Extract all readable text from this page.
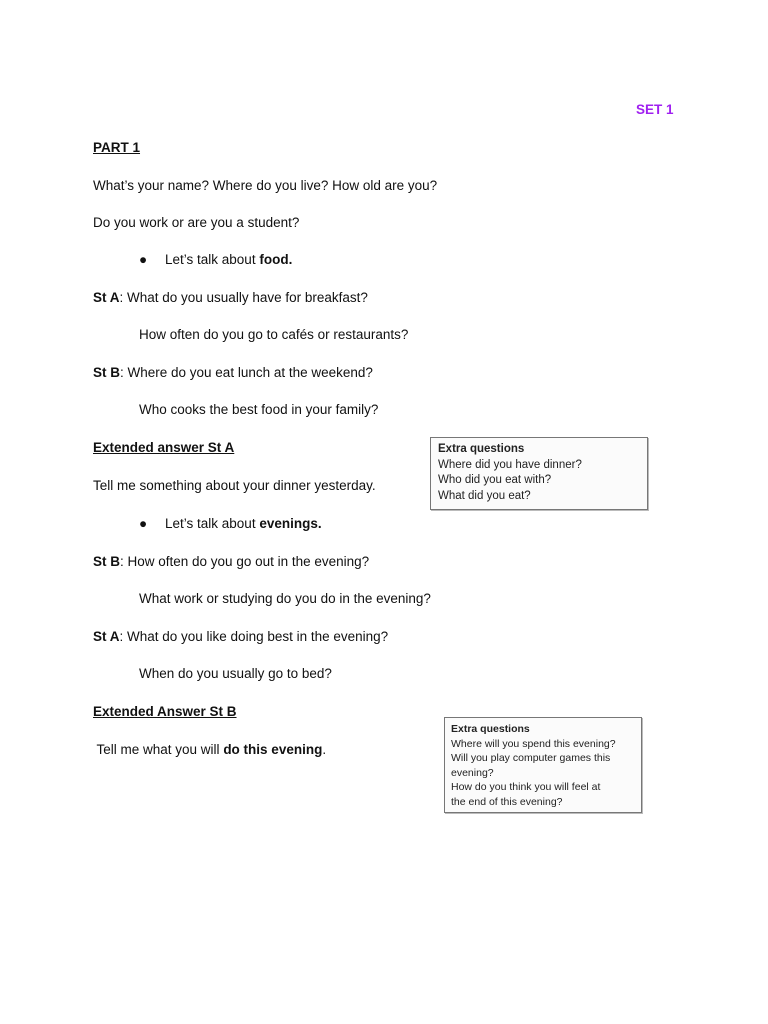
SET 1
PART 1
What’s your name? Where do you live? How old are you?
Do you work or are you a student?
● Let’s talk about food.
St A: What do you usually have for breakfast?
How often do you go to cafés or restaurants?
St B: Where do you eat lunch at the weekend?
Who cooks the best food in your family?
Extended answer St A
Tell me something about your dinner yesterday.
Extra questions
Where did you have dinner?
Who did you eat with?
What did you eat?
● Let’s talk about evenings.
St B: How often do you go out in the evening?
What work or studying do you do in the evening?
St A: What do you like doing best in the evening?
When do you usually go to bed?
Extended Answer St B
Tell me what you will do this evening.
Extra questions
Where will you spend this evening?
Will you play computer games this
evening?
How do you think you will feel at
the end of this evening?
